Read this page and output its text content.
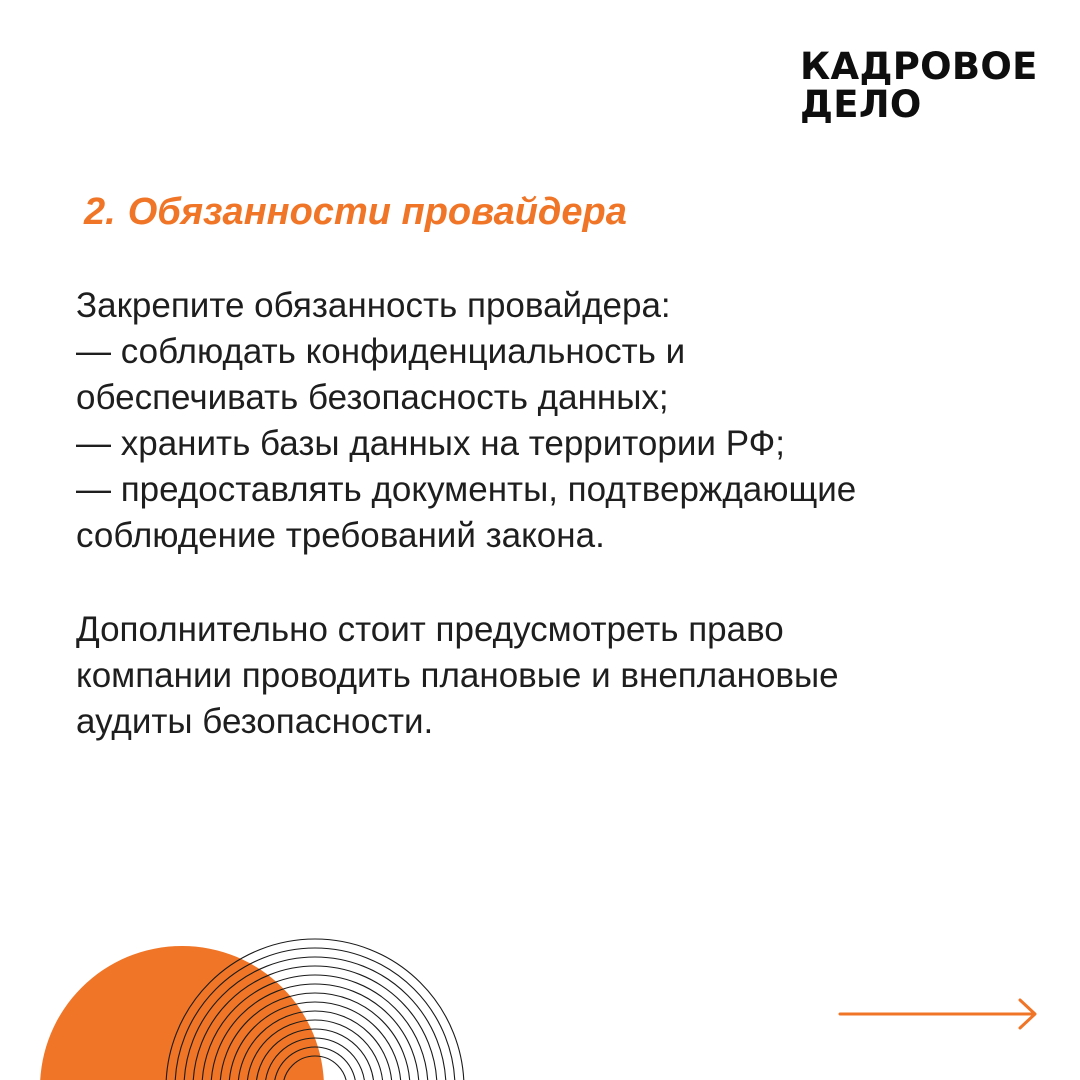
КАДРОВОЕ
ДЕЛО
2. Обязанности провайдера

Закрепите обязанность провайдера:
— соблюдать конфиденциальность и
обеспечивать безопасность данных;
— хранить базы данных на территории РФ;
— предоставлять документы, подтверждающие
соблюдение требований закона.

Дополнительно стоит предусмотреть право
компании проводить плановые и внеплановые
аудиты безопасности.
